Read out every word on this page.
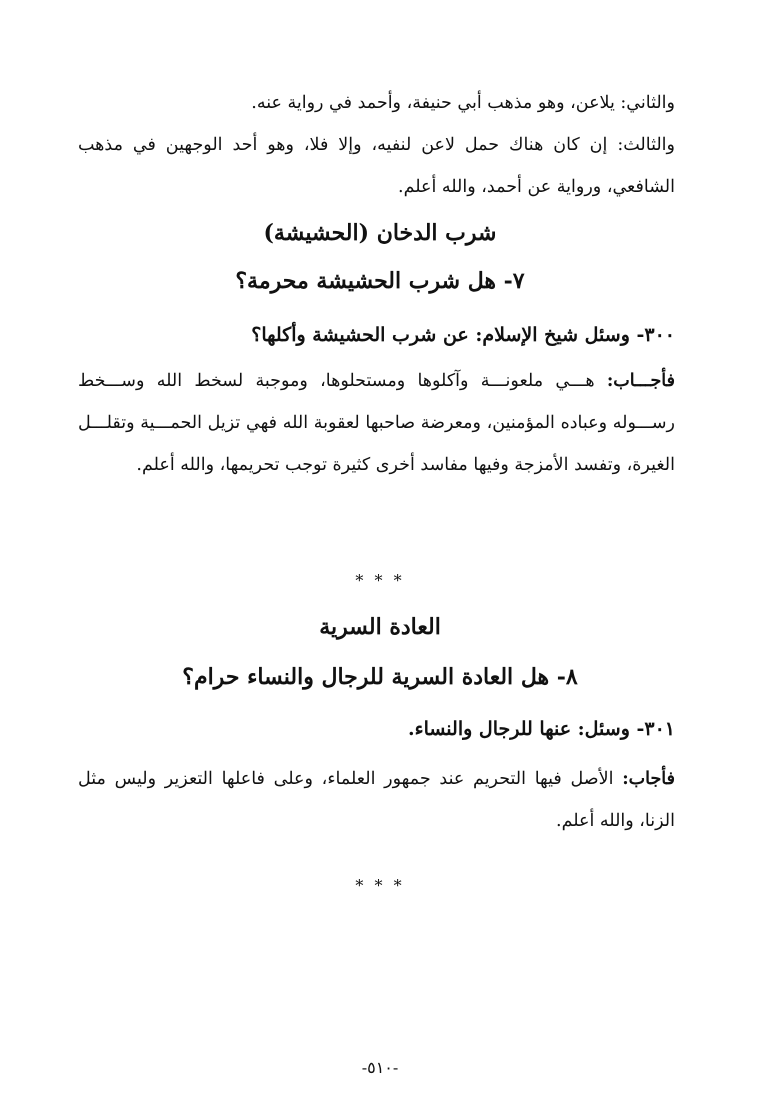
والثاني: يلاعن، وهو مذهب أبي حنيفة، وأحمد في رواية عنه.

والثالث: إن كان هناك حمل لاعن لنفيه، وإلا فلا، وهو أحد الوجهين في مذهب الشافعي، ورواية عن أحمد، والله أعلم.

شرب الدخان (الحشيشة)
٧- هل شرب الحشيشة محرمة؟

٣٠٠- وسئل شيخ الإسلام: عن شرب الحشيشة وأكلها؟

فأجـــاب: هـــي ملعونـــة وآكلوها ومستحلوها، وموجبة لسخط الله وســـخط رســـوله وعباده المؤمنين، ومعرضة صاحبها لعقوبة الله فهي تزيل الحمـــية وتقلـــل الغيرة، وتفسد الأمزجة وفيها مفاسد أخرى كثيرة توجب تحريمها، والله أعلم.

* * *

العادة السرية
٨- هل العادة السرية للرجال والنساء حرام؟

٣٠١- وسئل: عنها للرجال والنساء.

فأجاب: الأصل فيها التحريم عند جمهور العلماء، وعلى فاعلها التعزير وليس مثل الزنا، والله أعلم.

* * *

-٥١٠-
